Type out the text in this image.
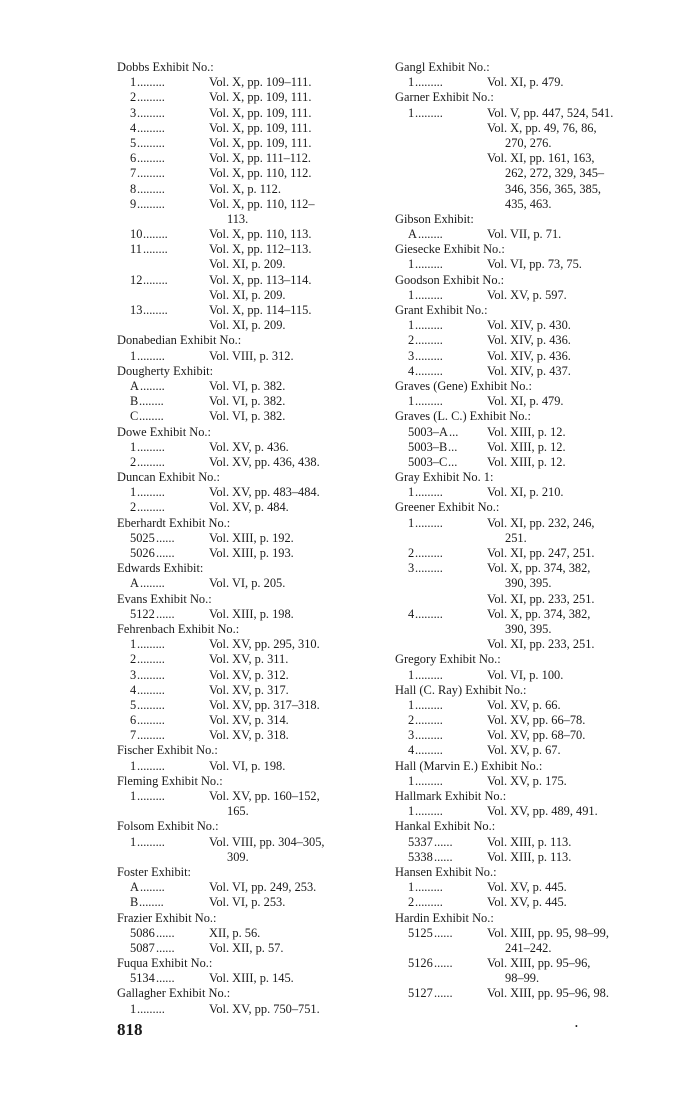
Dobbs Exhibit No.:
1 .........	Vol. X, pp. 109–111.
2 .........	Vol. X, pp. 109, 111.
3 .........	Vol. X, pp. 109, 111.
4 .........	Vol. X, pp. 109, 111.
5 .........	Vol. X, pp. 109, 111.
6 .........	Vol. X, pp. 111–112.
7 .........	Vol. X, pp. 110, 112.
8 .........	Vol. X, p. 112.
9 .........	Vol. X, pp. 110, 112–
113.
10 ........	Vol. X, pp. 110, 113.
11 ........	Vol. X, pp. 112–113.
Vol. XI, p. 209.
12 ........	Vol. X, pp. 113–114.
Vol. XI, p. 209.
13 ........	Vol. X, pp. 114–115.
Vol. XI, p. 209.
Donabedian Exhibit No.:
1 .........	Vol. VIII, p. 312.
Dougherty Exhibit:
A ........	Vol. VI, p. 382.
B ........	Vol. VI, p. 382.
C ........	Vol. VI, p. 382.
Dowe Exhibit No.:
1 .........	Vol. XV, p. 436.
2 .........	Vol. XV, pp. 436, 438.
Duncan Exhibit No.:
1 .........	Vol. XV, pp. 483–484.
2 .........	Vol. XV, p. 484.
Eberhardt Exhibit No.:
5025 ......	Vol. XIII, p. 192.
5026 ......	Vol. XIII, p. 193.
Edwards Exhibit:
A ........	Vol. VI, p. 205.
Evans Exhibit No.:
5122 ......	Vol. XIII, p. 198.
Fehrenbach Exhibit No.:
1 .........	Vol. XV, pp. 295, 310.
2 .........	Vol. XV, p. 311.
3 .........	Vol. XV, p. 312.
4 .........	Vol. XV, p. 317.
5 .........	Vol. XV, pp. 317–318.
6 .........	Vol. XV, p. 314.
7 .........	Vol. XV, p. 318.
Fischer Exhibit No.:
1 .........	Vol. VI, p. 198.
Fleming Exhibit No.:
1 .........	Vol. XV, pp. 160–152,
165.
Folsom Exhibit No.:
1 .........	Vol. VIII, pp. 304–305,
309.
Foster Exhibit:
A ........	Vol. VI, pp. 249, 253.
B ........	Vol. VI, p. 253.
Frazier Exhibit No.:
5086 ......	XII, p. 56.
5087 ......	Vol. XII, p. 57.
Fuqua Exhibit No.:
5134 ......	Vol. XIII, p. 145.
Gallagher Exhibit No.:
1 .........	Vol. XV, pp. 750–751.
Gangl Exhibit No.:
1 .........	Vol. XI, p. 479.
Garner Exhibit No.:
1 .........	Vol. V, pp. 447, 524, 541.
Vol. X, pp. 49, 76, 86,
270, 276.
Vol. XI, pp. 161, 163,
262, 272, 329, 345–
346, 356, 365, 385,
435, 463.
Gibson Exhibit:
A ........	Vol. VII, p. 71.
Giesecke Exhibit No.:
1 .........	Vol. VI, pp. 73, 75.
Goodson Exhibit No.:
1 .........	Vol. XV, p. 597.
Grant Exhibit No.:
1 .........	Vol. XIV, p. 430.
2 .........	Vol. XIV, p. 436.
3 .........	Vol. XIV, p. 436.
4 .........	Vol. XIV, p. 437.
Graves (Gene) Exhibit No.:
1 .........	Vol. XI, p. 479.
Graves (L. C.) Exhibit No.:
5003–A ... Vol. XIII, p. 12.
5003–B ... Vol. XIII, p. 12.
5003–C ... Vol. XIII, p. 12.
Gray Exhibit No. 1:
1 .........	Vol. XI, p. 210.
Greener Exhibit No.:
1 .........	Vol. XI, pp. 232, 246,
251.
2 .........	Vol. XI, pp. 247, 251.
3 .........	Vol. X, pp. 374, 382,
390, 395.
Vol. XI, pp. 233, 251.
4 .........	Vol. X, pp. 374, 382,
390, 395.
Vol. XI, pp. 233, 251.
Gregory Exhibit No.:
1 .........	Vol. VI, p. 100.
Hall (C. Ray) Exhibit No.:
1 .........	Vol. XV, p. 66.
2 .........	Vol. XV, pp. 66–78.
3 .........	Vol. XV, pp. 68–70.
4 .........	Vol. XV, p. 67.
Hall (Marvin E.) Exhibit No.:
1 .........	Vol. XV, p. 175.
Hallmark Exhibit No.:
1 .........	Vol. XV, pp. 489, 491.
Hankal Exhibit No.:
5337 ......	Vol. XIII, p. 113.
5338 ......	Vol. XIII, p. 113.
Hansen Exhibit No.:
1 .........	Vol. XV, p. 445.
2 .........	Vol. XV, p. 445.
Hardin Exhibit No.:
5125 ......	Vol. XIII, pp. 95, 98–99,
241–242.
5126 ......	Vol. XIII, pp. 95–96,
98–99.
5127 ......	Vol. XIII, pp. 95–96, 98.
818	•
